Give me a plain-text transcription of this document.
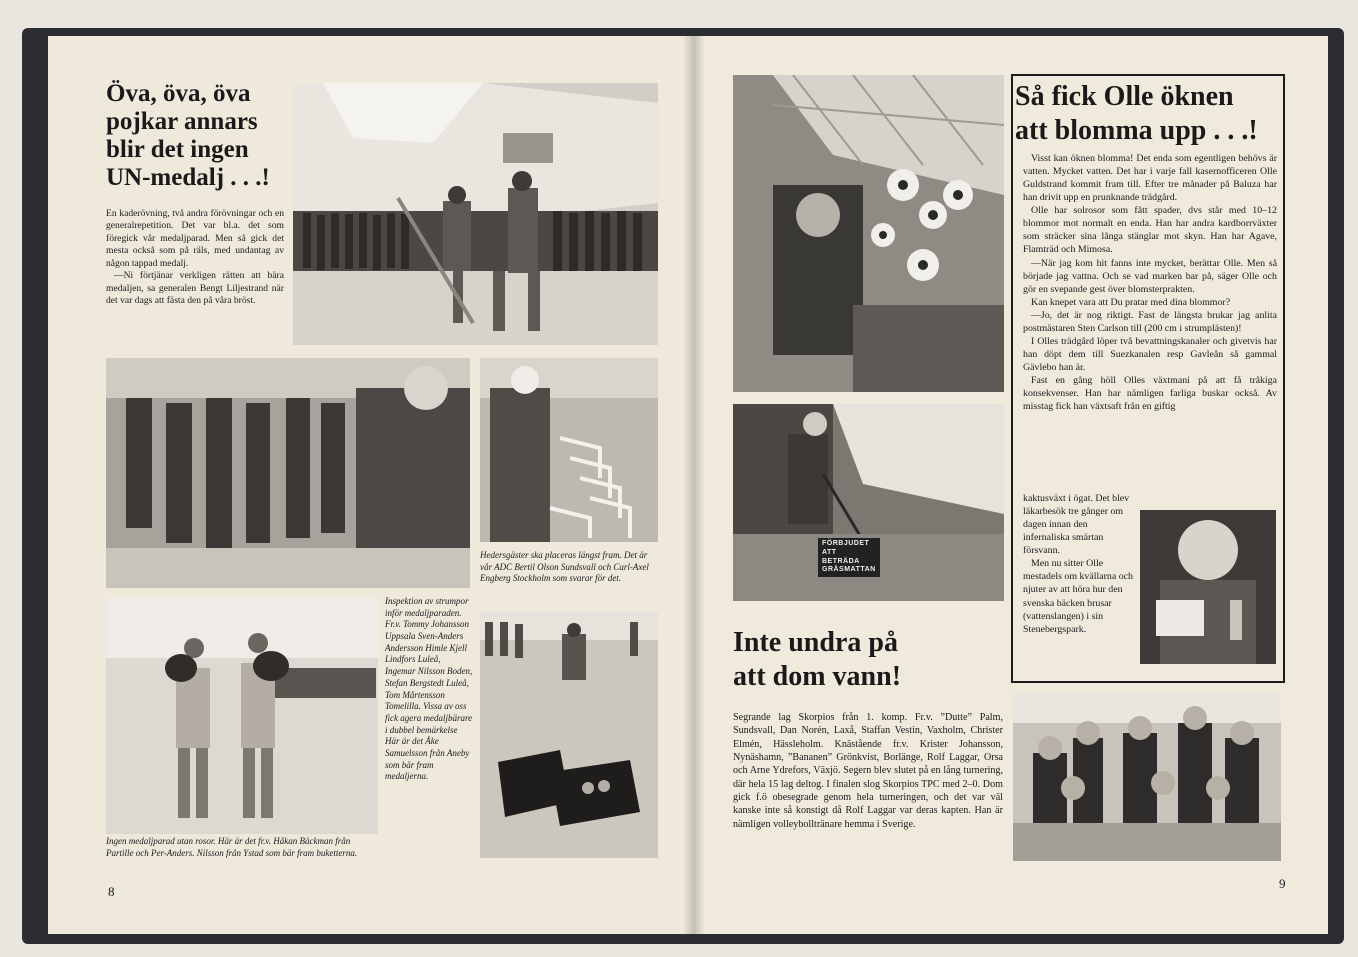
Öva, öva, öva
pojkar annars
blir det ingen
UN-medalj . . .!

En kaderövning, två andra förövningar och en generalrepetition. Det var bl.a. det som föregick vår medaljparad. Men så gick det mesta också som på räls, med undantag av någon tappad medalj.

—Ni förtjänar verkligen rätten att bära medaljen, sa generalen Bengt Liljestrand när det var dags att fästa den på våra bröst.

Hedersgäster ska placeras längst fram. Det är vår ADC Bertil Olson Sundsvall och Carl-Axel Engberg Stockholm som svarar för det.
Ingen medaljparad utan rosor. Här är det fr.v. Håkan Bäckman från Partille och Per-Anders. Nilsson från Ystad som bär fram buketterna.
Inspektion av strumpor inför medaljparaden. Fr.v. Tommy Johansson Uppsala Sven-Anders Andersson Himle Kjell Lindfors Luleå, Ingemar Nilsson Boden, Stefan Bergstedt Luleå, Tom Mårtensson Tomelilla. Vissa av oss fick agera medaljbärare i dubbel bemärkelse Här är det Åke Samuelsson från Aneby som bär fram medaljerna.
8
Så fick Olle öknen
att blomma upp . . .!

Visst kan öknen blomma! Det enda som egentligen behövs är vatten. Mycket vatten. Det har i varje fall kasernofficeren Olle Guldstrand kommit fram till. Efter tre månader på Baluza har han drivit upp en prunknande trädgård.

Olle har solrosor som fått spader, dvs står med 10–12 blommor mot normalt en enda. Han har andra kardborrväxter som sträcker sina långa stänglar mot skyn. Han har Agave, Flamträd och Mimosa.

—När jag kom hit fanns inte mycket, berättar Olle. Men så började jag vattna. Och se vad marken bar på, säger Olle och gör en svepande gest över blomsterprakten.

Kan knepet vara att Du pratar med dina blommor?

—Jo, det är nog riktigt. Fast de längsta brukar jag anlita postmästaren Sten Carlson till (200 cm i strumplästen)!

I Olles trädgård löper två bevattningskanaler och givetvis har han döpt dem till Suezkanalen resp Gavleån så gammal Gävlebo han är.

Fast en gång höll Olles växtmani på att få tråkiga konsekvenser. Han har nämligen farliga buskar också. Av misstag fick han växtsaft från en giftig

kaktusväxt i ögat. Det blev läkarbesök tre gånger om dagen innan den infernaliska smärtan försvann.

Men nu sitter Olle mestadels om kvällarna och njuter av att höra hur den svenska bäcken brusar (vattenslangen) i sin Stenebergspark.

FÖRBJUDET
ATT
BETRÄDA
GRÄSMATTAN
Inte undra på
att dom vann!
Segrande lag Skorpios från 1. komp. Fr.v. ”Dutte” Palm, Sundsvall, Dan Norén, Laxå, Staffan Vestin, Vaxholm, Christer Elmén, Hässleholm. Knästående fr.v. Krister Johansson, Nynäshamn, ”Bananen” Grönkvist, Borlänge, Rolf Laggar, Orsa och Arne Ydrefors, Växjö. Segern blev slutet på en lång turnering, där hela 15 lag deltog. I finalen slog Skorpios TPC med 2–0. Dom gick f.ö obesegrade genom hela turneringen, och det var väl kanske inte så konstigt då Rolf Laggar var deras kapten. Han är nämligen volleybolltränare hemma i Sverige.
9
